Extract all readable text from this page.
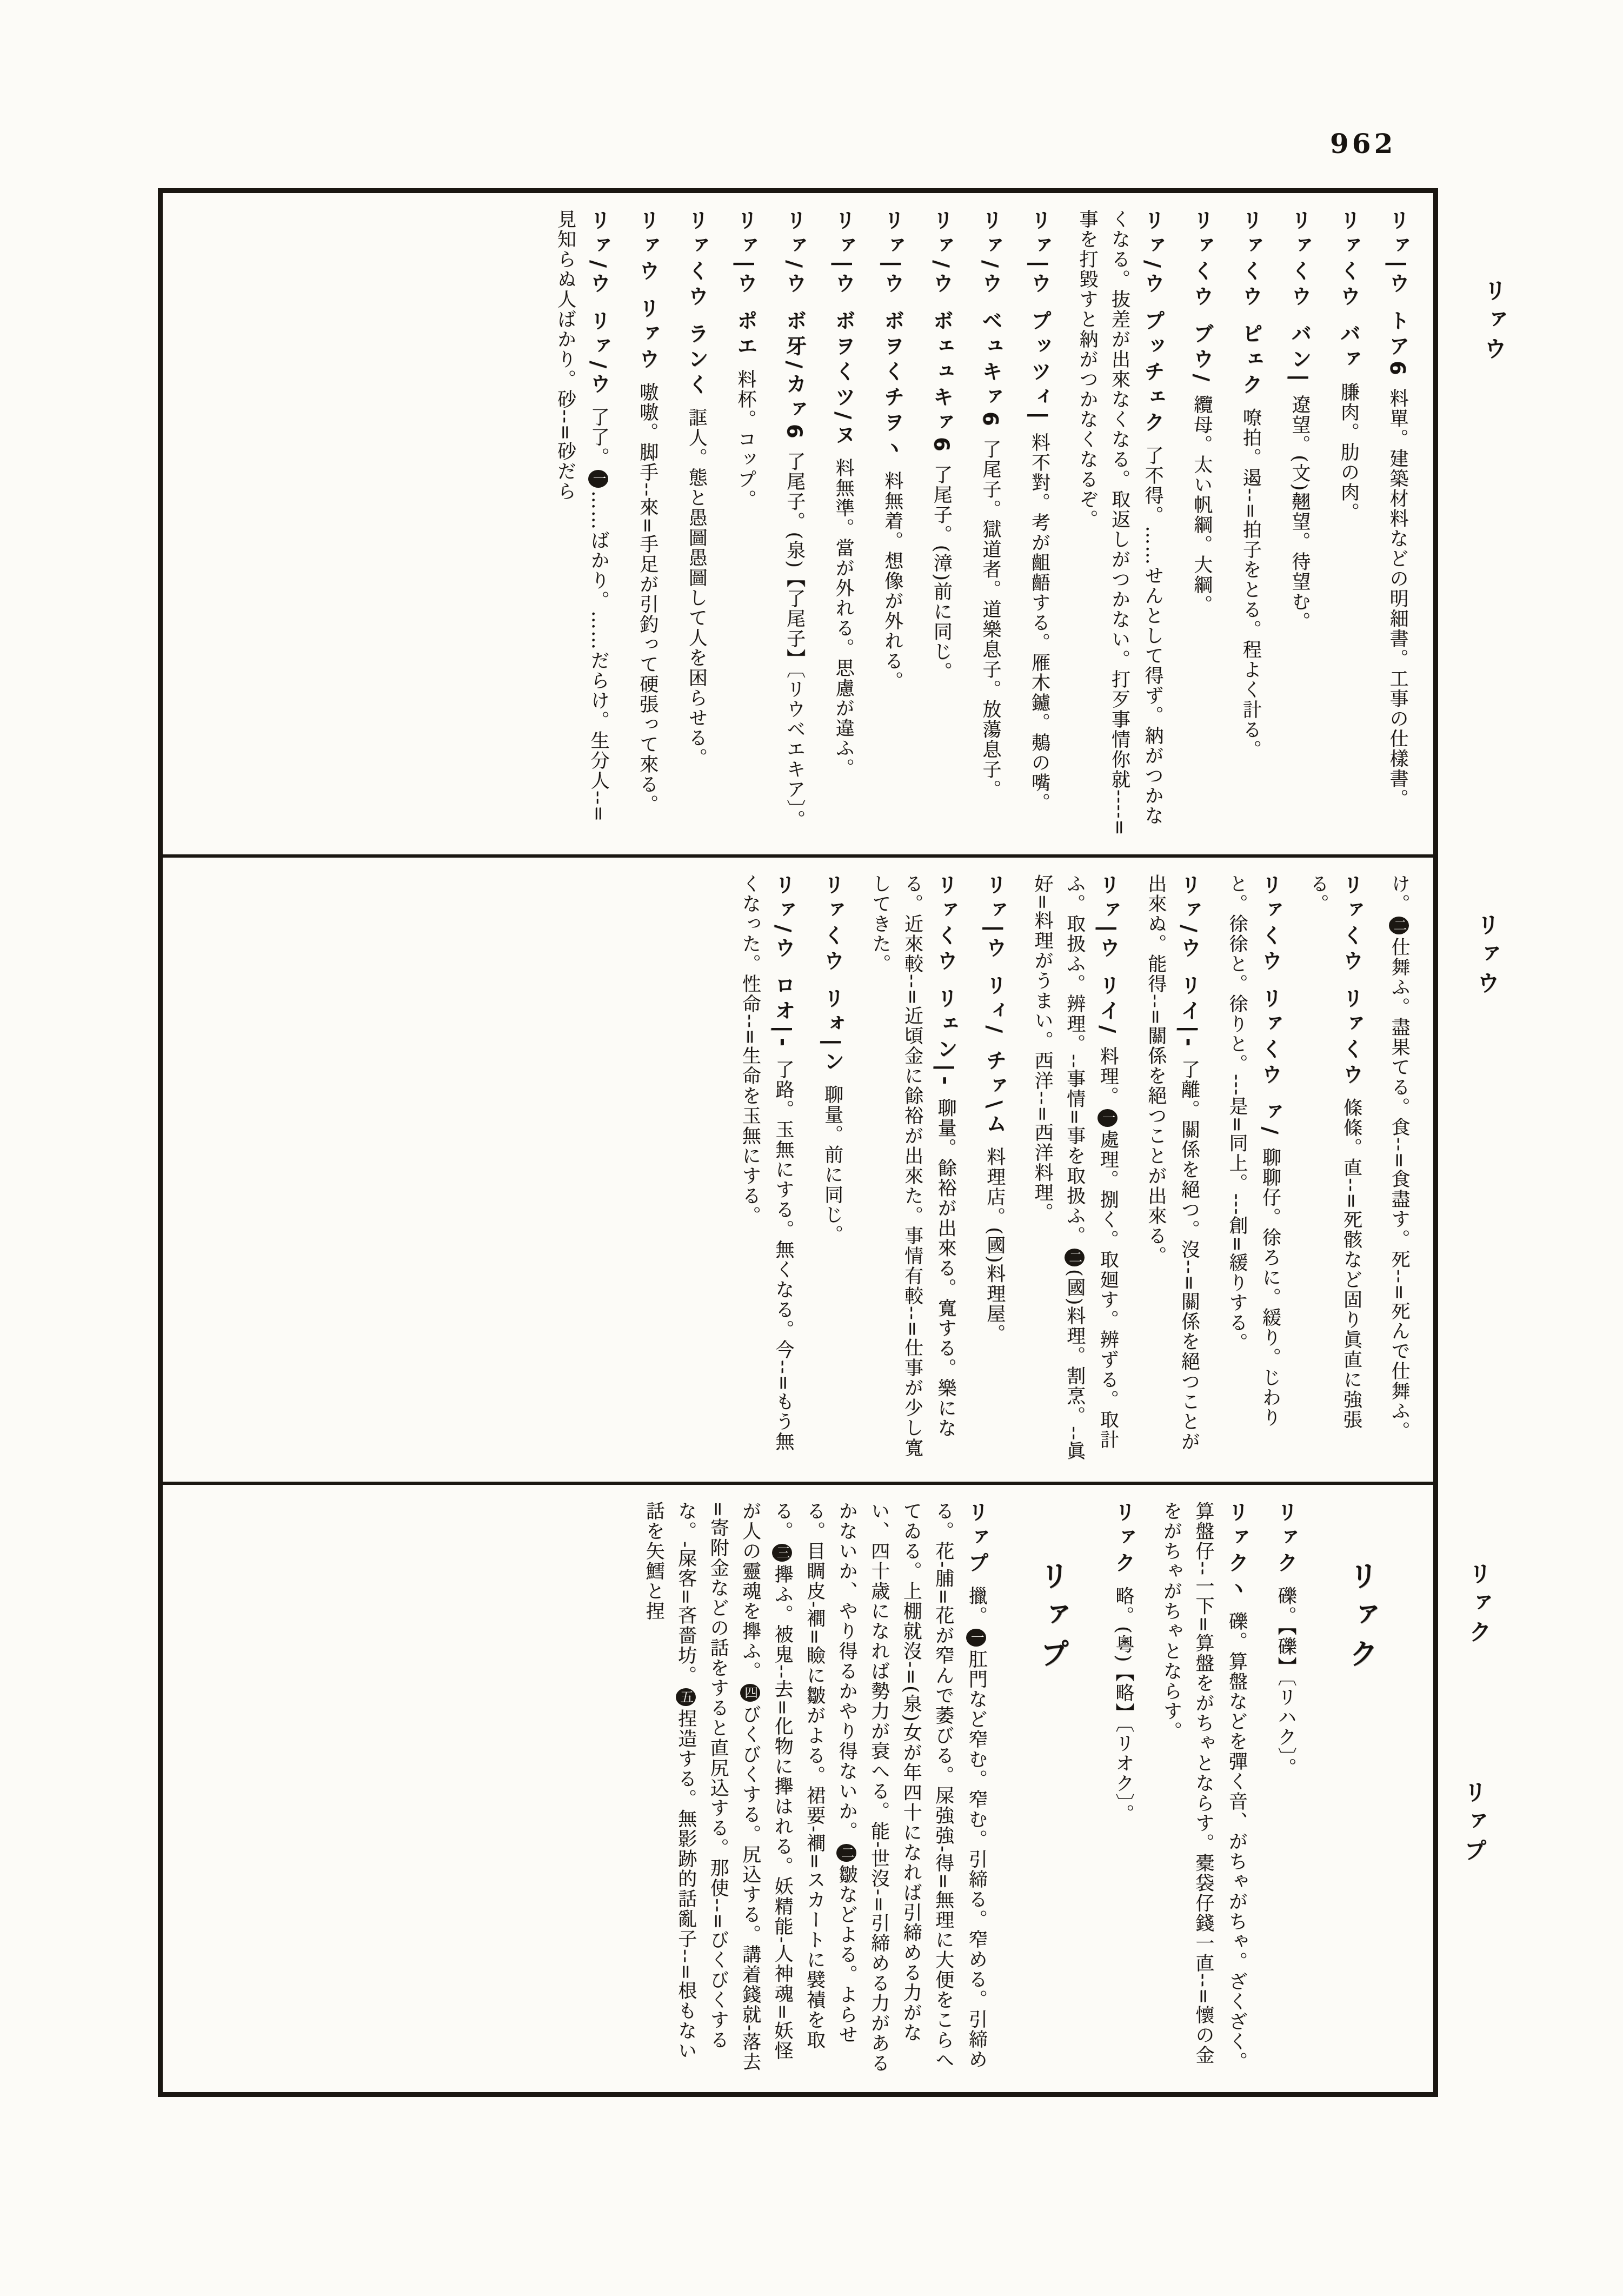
962
リァ|ウ トア6料單。建築材料などの明細書。工事の仕樣書。
リァくウ バァ膁肉。肋の肉。
リァくウ バン|遼望。(文)翹望。待望む。
リァくウ ピェク嘹拍。遏--=拍子をとる。程よく計る。
リァくウ ブウ/纜母。太い帆綱。大綱。
リァ/ウ プッチェク了不得。……せんとして得ず。納がつかなくなる。抜差が出來なくなる。取返しがつかない。打歹事情你就----=事を打毀すと納がつかなくなるぞ。
リァ|ウ プッツィ|料不對。考が齟齬する。雁木鑢。鴺の嘴。
リァ/ウ ベュキァ6了尾子。獄道者。道樂息子。放蕩息子。
リァ/ウ ボェュキァ6了尾子。(漳)前に同じ。
リァ|ウ ボヲくチヲヽ料無着。想像が外れる。
リァ|ウ ボヲくツ/ヌ料無準。當が外れる。思慮が違ふ。
リァ/ウ ボ牙/カァ6了尾子。(泉)【了尾子】〔リウベエキア〕。
リァ|ウ ポエ料杯。コップ。
リァくウ ランく誆人。態と愚圖愚圖して人を困らせる。
リァウ リァウ嗷嗷。脚手--來=手足が引釣って硬張って來る。
リァ/ウ リァ/ウ了了。一……ばかり。……だらけ。生分人--=見知らぬ人ばかり。砂--=砂だら
け。二仕舞ふ。盡果てる。食--=食盡す。死--=死んで仕舞ふ。
リァくウ リァくウ條條。直--=死骸など固り眞直に強張る。
リァくウ リァくウ ァ/聊聊仔。徐ろに。緩り。じわりと。徐徐と。徐りと。---是=同上。---創=緩りする。
リァ/ウ リイ|-了離。關係を絕つ。沒--=關係を絕つことが出來ぬ。能得--=關係を絕つことが出來る。
リァ|ウ リイ/料理。一處理。捌く。取廻す。辨ずる。取計ふ。取扱ふ。辨理。--事情=事を取扱ふ。二(國)料理。割烹。--眞好=料理がうまい。西洋--=西洋料理。
リァ|ウ リィ/ チァ\ム料理店。(國)料理屋。
リァくウ リェン|-聊量。餘裕が出來る。寬する。樂になる。近來較--=近頃金に餘裕が出來た。事情有較--=仕事が少し寬してきた。
リァくウ リォ|ン聊量。前に同じ。
リァ/ウ ロオ|-了路。玉無にする。無くなる。今--=もう無くなった。性命--=生命を玉無にする。
リァク
リァク礫。【礫】〔リハク〕。
リァクヽ礫。算盤などを彈く音、がちゃがちゃ。ざくざく。算盤仔--一下=算盤をがちゃとならす。橐袋仔錢一直--=懷の金をがちゃがちゃとならす。
リァク略。(粵)【略】〔リオク〕。
リァプ
リァプ擸。一肛門など窄む。窄む。引締る。窄める。引締める。花-脯=花が窄んで萎びる。屎強強-得=無理に大便をこらへてゐる。上棚就沒-=(泉)女が年四十になれば引締める力がない、四十歳になれば勢力が衰へる。能-世沒-=引締める力があるかないか、やり得るかやり得ないか。二皺などよる。よらせる。目睭皮-襇=瞼に皺がよる。裙要-襇=スカートに襞襀を取る。三攑ふ。被鬼--去=化物に攑はれる。妖精能-人神魂=妖怪が人の靈魂を攑ふ。四びくびくする。尻込する。講着錢就-落去=寄附金などの話をすると直尻込する。那使--=びくびくするな。-屎客=吝嗇坊。五捏造する。無影跡的話亂子--=根もない話を矢鱈と捏
リァウ
リァウ
リァク
リァプ
